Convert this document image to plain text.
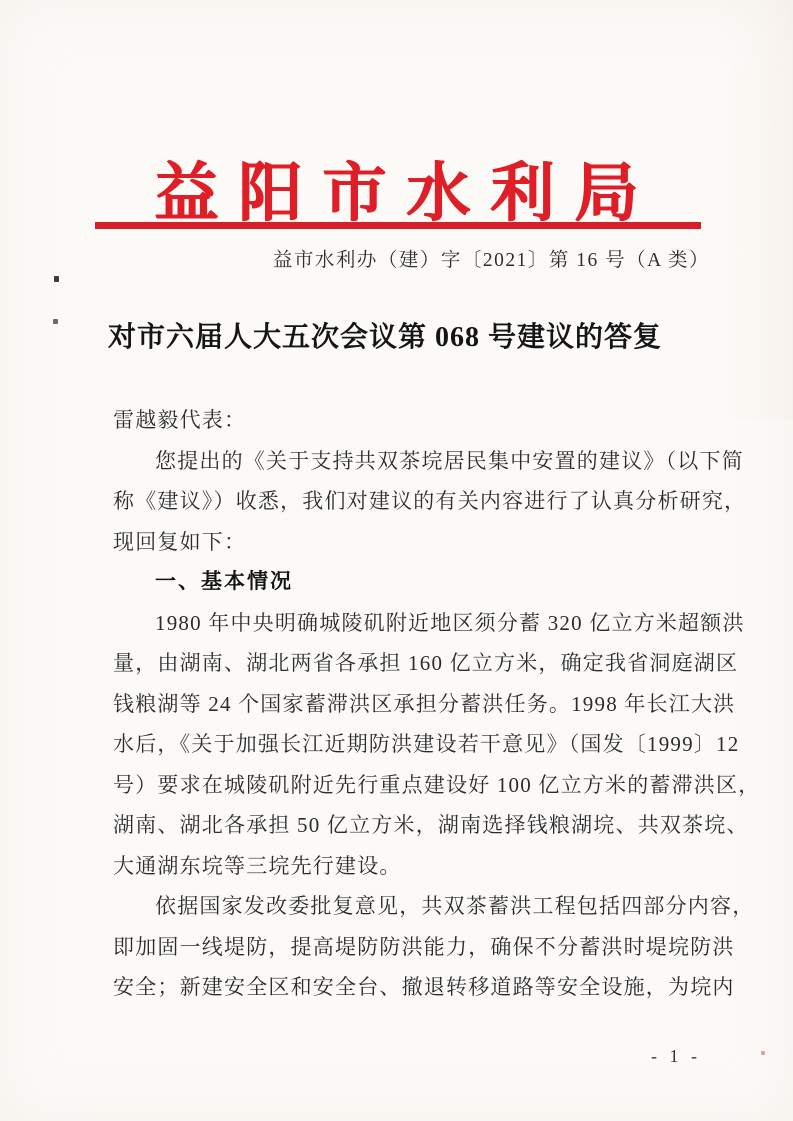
益阳市水利局
益市水利办（建）字〔2021〕第 16 号（A 类）
对市六届人大五次会议第 068 号建议的答复
雷越毅代表：
您提出的《关于支持共双茶垸居民集中安置的建议》（以下简
称《建议》）收悉，我们对建议的有关内容进行了认真分析研究，
现回复如下：
一、基本情况
1980 年中央明确城陵矶附近地区须分蓄 320 亿立方米超额洪
量，由湖南、湖北两省各承担 160 亿立方米，确定我省洞庭湖区
钱粮湖等 24 个国家蓄滞洪区承担分蓄洪任务。1998 年长江大洪
水后，《关于加强长江近期防洪建设若干意见》（国发〔1999〕12
号）要求在城陵矶附近先行重点建设好 100 亿立方米的蓄滞洪区，
湖南、湖北各承担 50 亿立方米，湖南选择钱粮湖垸、共双茶垸、
大通湖东垸等三垸先行建设。
依据国家发改委批复意见，共双茶蓄洪工程包括四部分内容，
即加固一线堤防，提高堤防防洪能力，确保不分蓄洪时堤垸防洪
安全；新建安全区和安全台、撤退转移道路等安全设施，为垸内
- 1 -
